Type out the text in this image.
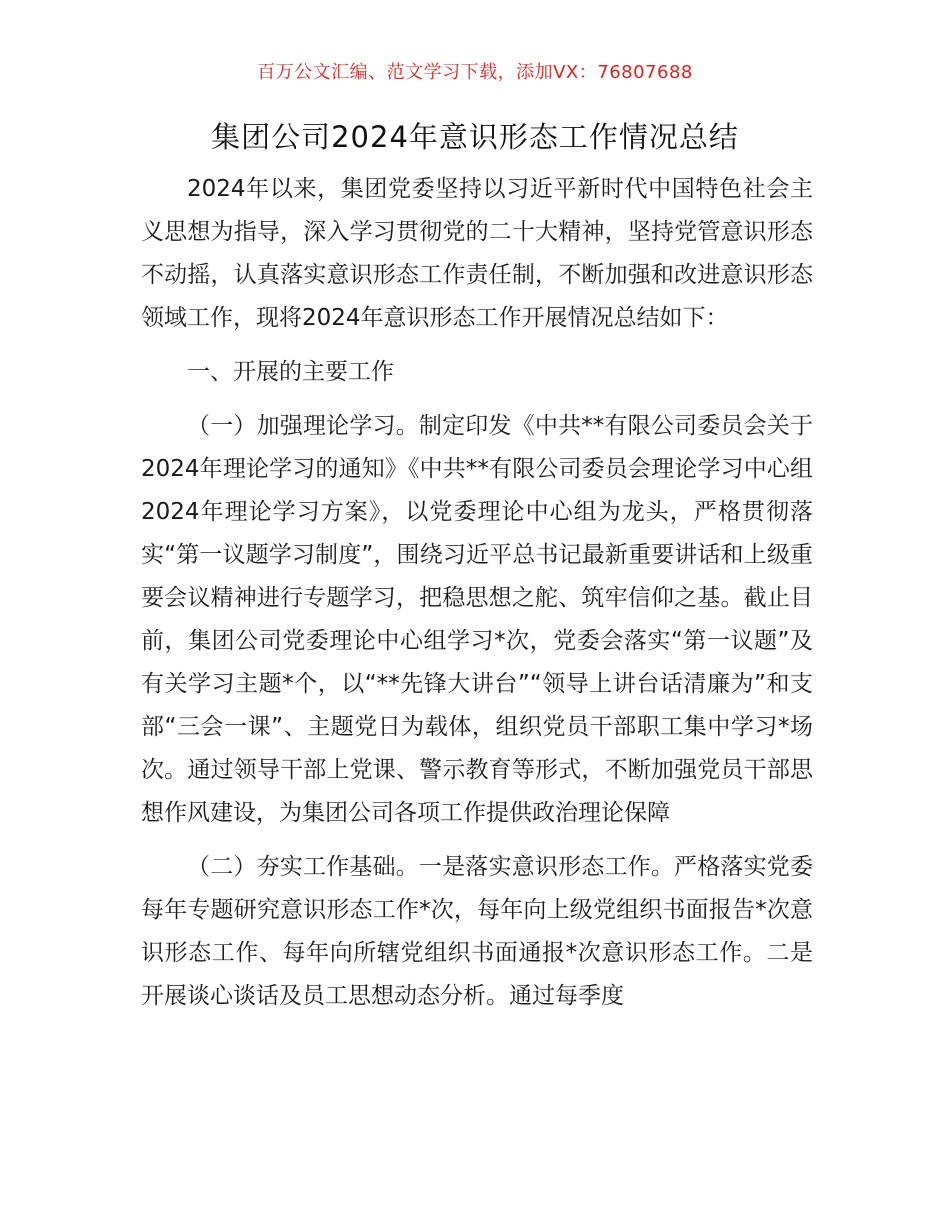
百万公文汇编、范文学习下载，添加VX：76807688
集团公司2024年意识形态工作情况总结

2024年以来，集团党委坚持以习近平新时代中国特色社会主义思想为指导，深入学习贯彻党的二十大精神，坚持党管意识形态不动摇，认真落实意识形态工作责任制，不断加强和改进意识形态领域工作，现将2024年意识形态工作开展情况总结如下：

一、开展的主要工作

（一）加强理论学习。制定印发《中共**有限公司委员会关于2024年理论学习的通知》《中共**有限公司委员会理论学习中心组2024年理论学习方案》，以党委理论中心组为龙头，严格贯彻落实“第一议题学习制度”，围绕习近平总书记最新重要讲话和上级重要会议精神进行专题学习，把稳思想之舵、筑牢信仰之基。截止目前，集团公司党委理论中心组学习*次，党委会落实“第一议题”及有关学习主题*个，以“**先锋大讲台”“领导上讲台话清廉为”和支部“三会一课”、主题党日为载体，组织党员干部职工集中学习*场次。通过领导干部上党课、警示教育等形式，不断加强党员干部思想作风建设，为集团公司各项工作提供政治理论保障

（二）夯实工作基础。一是落实意识形态工作。严格落实党委每年专题研究意识形态工作*次，每年向上级党组织书面报告*次意识形态工作、每年向所辖党组织书面通报*次意识形态工作。二是开展谈心谈话及员工思想动态分析。通过每季度
